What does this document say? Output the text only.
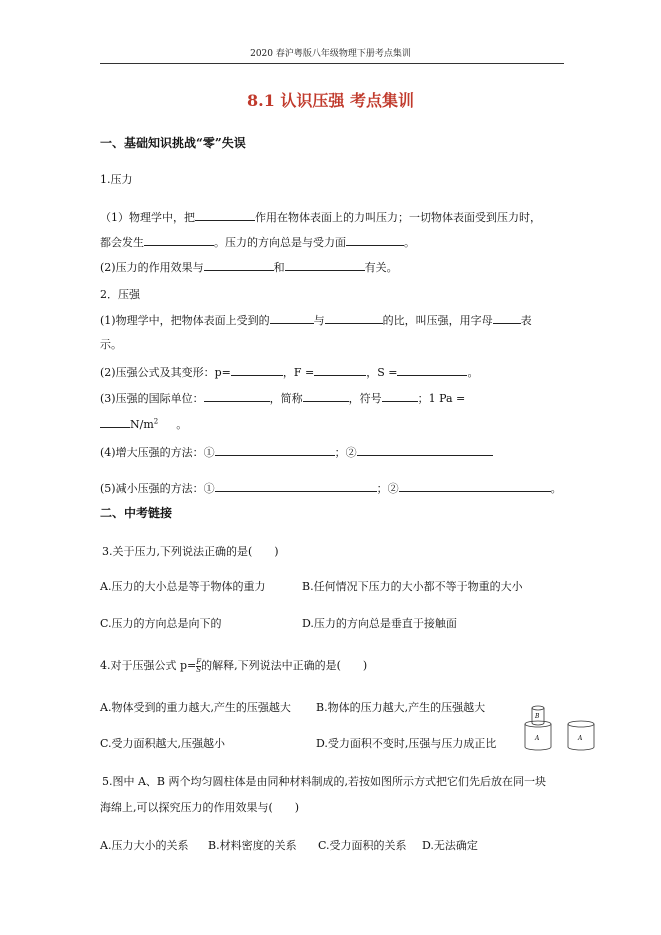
2020 春沪粤版八年级物理下册考点集训
8.1 认识压强 考点集训
一、基础知识挑战“零”失误
1.压力
（1）物理学中，把	作用在物体表面上的力叫压力；一切物体表面受到压力时，
都会发生	。压力的方向总是与受力面	。
(2)压力的作用效果与	和	有关。
2．压强
(1)物理学中，把物体表面上受到的	与	的比，叫压强，用字母	表
示。
(2)压强公式及其变形：p=	，F =	，S =	。
(3)压强的国际单位：	，简称	，符号	；1 Pa =
$N/m^2$ 。
(4)增大压强的方法：①	；②
(5)减小压强的方法：①	；②	。
二、中考链接
3.关于压力,下列说法正确的是(　　)
A.压力的大小总是等于物体的重力	B.任何情况下压力的大小都不等于物重的大小
C.压力的方向总是向下的	D.压力的方向总是垂直于接触面
4.对于压强公式 $p= \frac{F}{S}$ 的解释,下列说法中正确的是(　　)
A.物体受到的重力越大,产生的压强越大 B.物体的压力越大,产生的压强越大
C.受力面积越大,压强越小	D.受力面积不变时,压强与压力成正比
B
A	A
5.图中 A、B 两个均匀圆柱体是由同种材料制成的,若按如图所示方式把它们先后放在同一块
海绵上,可以探究压力的作用效果与(　　)
A.压力大小的关系 B.材料密度的关系 C.受力面积的关系 D.无法确定
